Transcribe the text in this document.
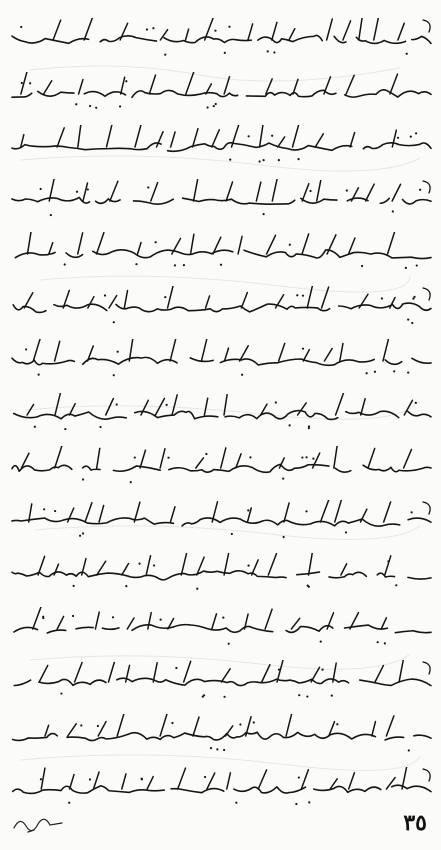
٣٥
